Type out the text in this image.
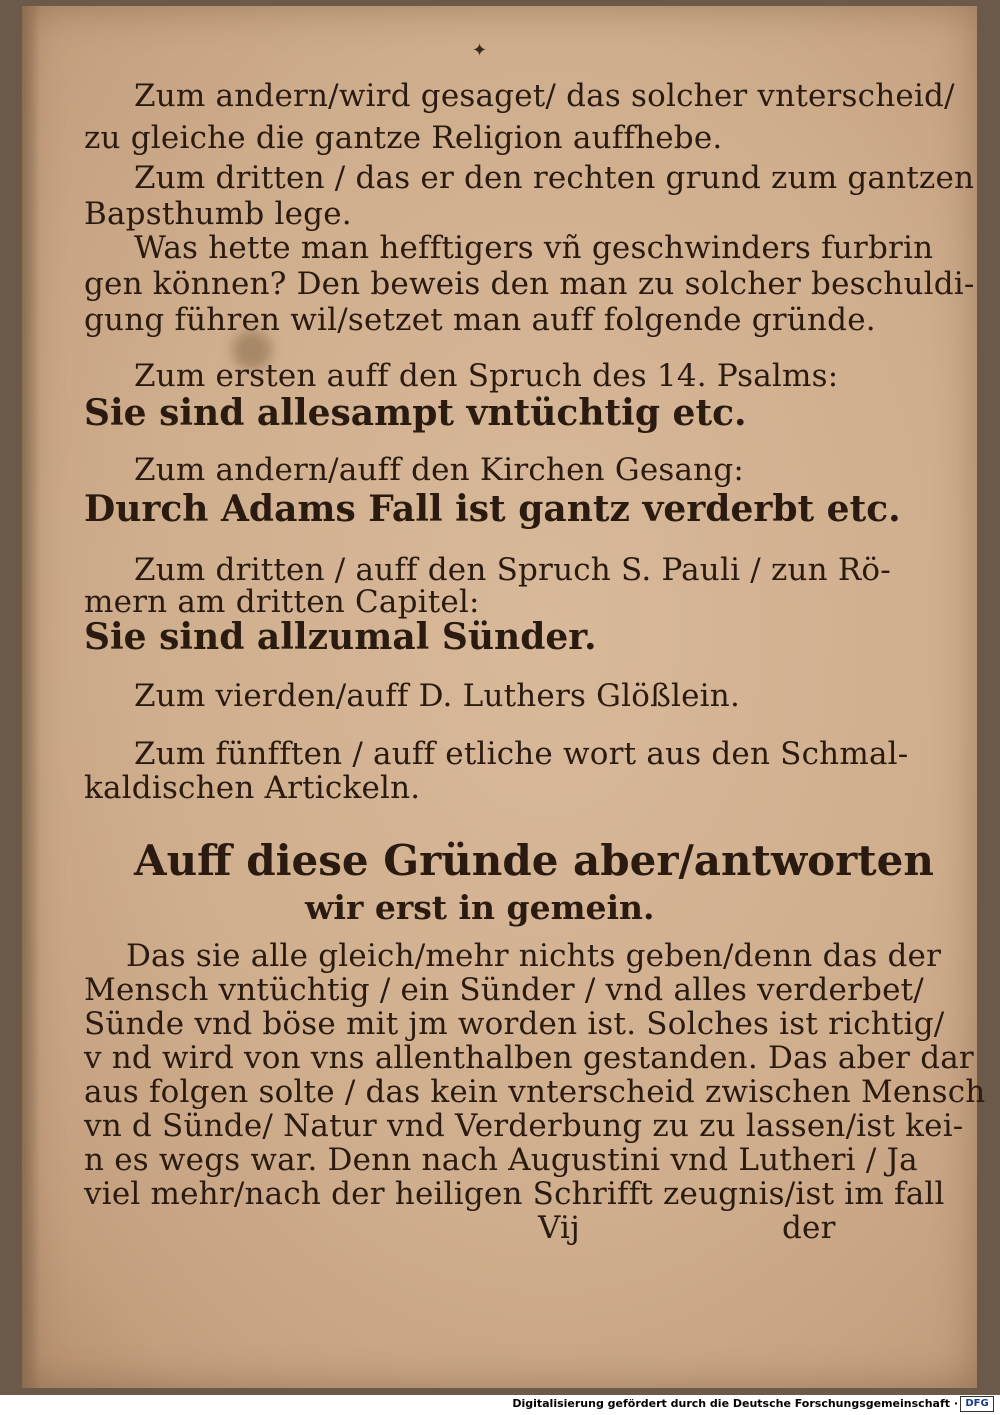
✦
Zum andern/wird gesaget/ das solcher vnterscheid/
zu gleiche die gantze Religion auffhebe.
Zum dritten / das er den rechten grund zum gantzen
Bapsthumb lege.
Was hette man hefftigers vñ geschwinders furbrin
gen können? Den beweis den man zu solcher beschuldi-
gung führen wil/setzet man auff folgende gründe.
Zum ersten auff den Spruch des 14. Psalms:
Sie sind allesampt vntüchtig etc.
Zum andern/auff den Kirchen Gesang:
Durch Adams Fall ist gantz verderbt etc.
Zum dritten / auff den Spruch S. Pauli / zun Rö-
mern am dritten Capitel:
Sie sind allzumal Sünder.
Zum vierden/auff D. Luthers Glößlein.
Zum fünfften / auff etliche wort aus den Schmal-
kaldischen Artickeln.
Auff diese Gründe aber/antworten
wir erst in gemein.
Das sie alle gleich/mehr nichts geben/denn das der
Mensch vntüchtig / ein Sünder / vnd alles verderbet/
Sünde vnd böse mit jm worden ist. Solches ist richtig/
v nd wird von vns allenthalben gestanden. Das aber dar
aus folgen solte / das kein vnterscheid zwischen Mensch
vn d Sünde/ Natur vnd Verderbung zu zu lassen/ist kei-
n es wegs war. Denn nach Augustini vnd Lutheri / Ja
viel mehr/nach der heiligen Schrifft zeugnis/ist im fall
Vij	der
Digitalisierung gefördert durch die Deutsche Forschungsgemeinschaft · DFG
